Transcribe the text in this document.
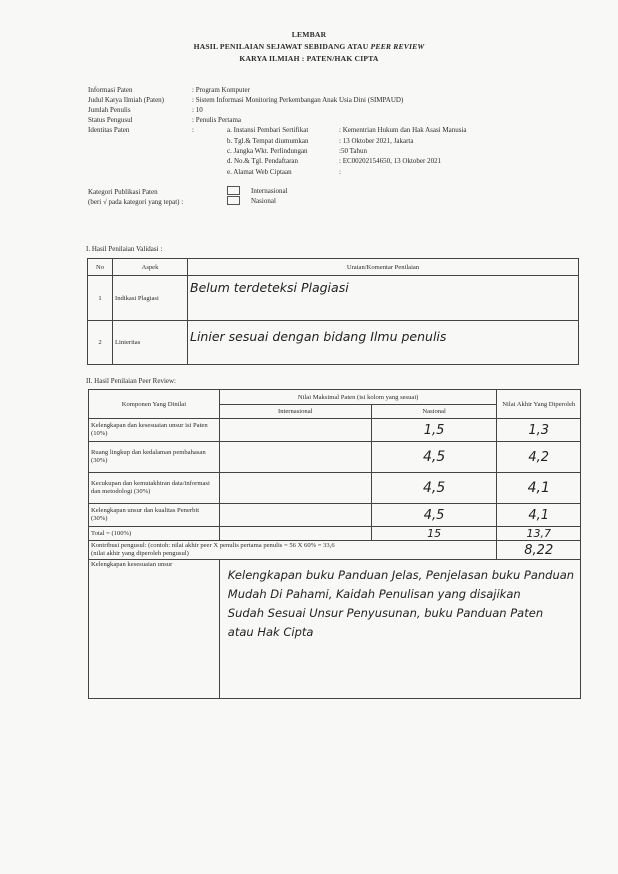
LEMBAR
HASIL PENILAIAN SEJAWAT SEBIDANG ATAU PEER REVIEW
KARYA ILMIAH : PATEN/HAK CIPTA
Informasi Paten	: Program Komputer
Judul Karya Ilmiah (Paten)	: Sistem Informasi Monitoring Perkembangan Anak Usia Dini (SIMPAUD)
Jumlah Penulis	: 10
Status Pengusul	: Penulis Pertama
Identitas Paten	:	a. Instansi Pembari Sertifikat	: Kementrian Hukum dan Hak Asasi Manusia
b. Tgl.& Tempat diumumkan	: 13 Oktober 2021, Jakarta
c. Jangka Wkt. Perlindungan	:50 Tahun
d. No.& Tgl. Pendaftaran	: EC00202154650, 13 Oktober 2021
e. Alamat Web Ciptaan	:
Kategori Publikasi Paten
(beri √ pada kategori yang tepat) :
Internasional
Nasional
I. Hasil Penilaian Validasi :
No	Aspek	Uraian/Komentar Penilaian
1	Indikasi Plagiasi	Belum terdeteksi Plagiasi
2	Linieritas	Linier sesuai dengan bidang Ilmu penulis
II. Hasil Penilaian Peer Review:
Komponen Yang Dinilai	Nilai Maksimal Paten (isi kolom yang sesuai)		Nilai Akhir Yang Diperoleh
	Internasional	Nasional	
Kelengkapan dan kesesuaian unsur isi Paten (10%)		1,5	1,3
Ruang lingkup dan kedalaman pembahasan (30%)		4,5	4,2
Kecukupan dan kemutakhiran data/informasi dan metodologi (30%)		4,5	4,1
Kelengkapan unsur dan kualitas Penerbit (30%)		4,5	4,1
Total = (100%)		15	13,7

Kontribusi pengusul: (contoh: nilai akhir peer X penulis pertama penulis = 56 X 60% = 33,6
(nilai akhir yang diperoleh pengusul)			8,22
Kelengkapan kesesuaian unsur	Kelengkapan buku Panduan Jelas, Penjelasan buku Panduan
Mudah Di Pahami, Kaidah Penulisan yang disajikan
Sudah Sesuai Unsur Penyusunan, buku Panduan Paten
atau Hak Cipta		
